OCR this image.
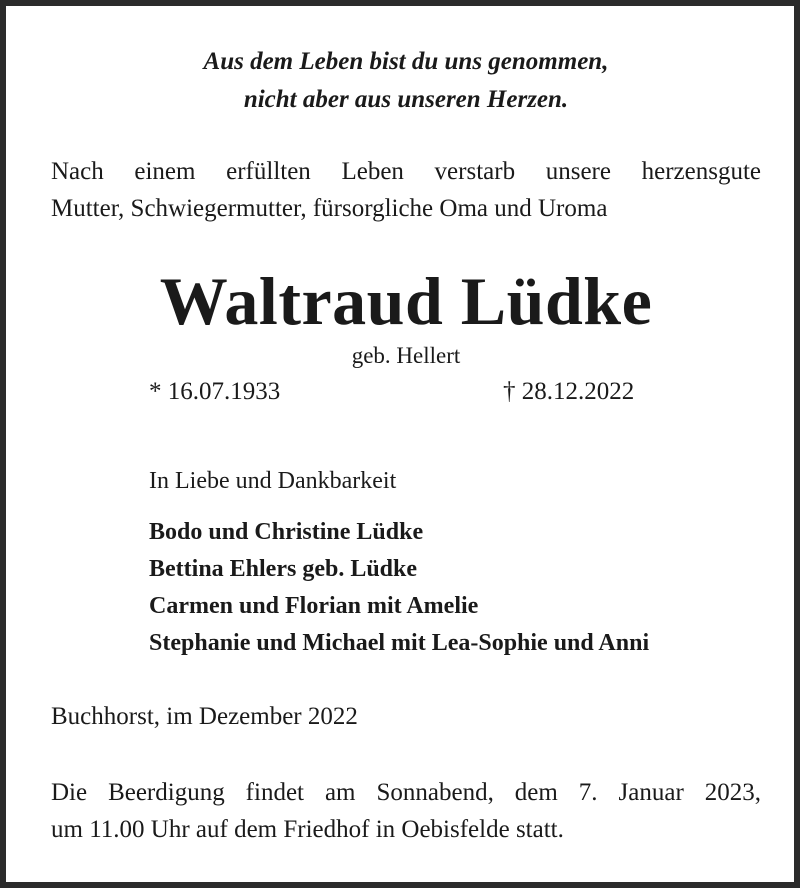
Aus dem Leben bist du uns genommen,
nicht aber aus unseren Herzen.
Nach einem erfüllten Leben verstarb unsere herzensgute
Mutter, Schwiegermutter, fürsorgliche Oma und Uroma
Waltraud Lüdke
geb. Hellert
* 16.07.1933	† 28.12.2022
In Liebe und Dankbarkeit
Bodo und Christine Lüdke
Bettina Ehlers geb. Lüdke
Carmen und Florian mit Amelie
Stephanie und Michael mit Lea-Sophie und Anni
Buchhorst, im Dezember 2022
Die Beerdigung findet am Sonnabend, dem 7. Januar 2023,
um 11.00 Uhr auf dem Friedhof in Oebisfelde statt.
